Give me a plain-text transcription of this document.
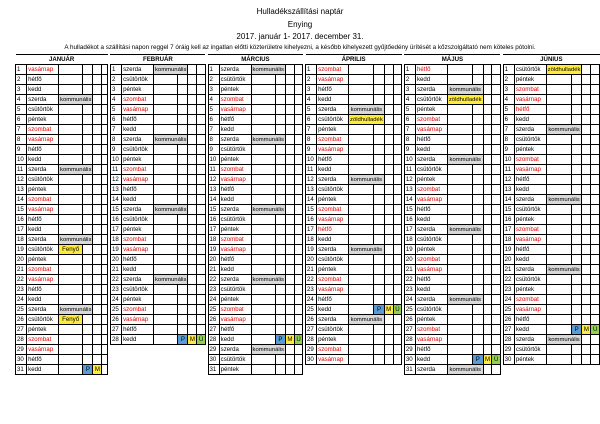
Hulladékszállítási naptár
Enying
2017. január 1- 2017. december 31.
A hulladékot a szállítási napon reggel 7 óráig kell az ingatlan előtti közterületre kihelyezni, a később kihelyezett gyűjtőedény ürítését a kőzszolgáltató nem köteles pótolni.
JANUÁR							FEBRUÁR							MÁRCIUS							ÁPRILIS							MÁJUS							JÚNIUS					
1	vasárnap						1	szerda	kommunális					1	szerda	kommunális					1	szombat						1	hétfő						1	csütörtök	zöldhulladék			
2	hétfő						2	csütörtök						2	csütörtök						2	vasárnap						2	kedd						2	péntek				
3	kedd						3	péntek						3	péntek						3	hétfő						3	szerda	kommunális					3	szombat				
4	szerda	kommunális					4	szombat						4	szombat						4	kedd						4	csütörtök	zöldhulladék					4	vasárnap				
5	csütörtök						5	vasárnap						5	vasárnap						5	szerda	kommunális					5	péntek						5	hétfő				
6	péntek						6	hétfő						6	hétfő						6	csütörtök	zöldhulladék					6	szombat						6	kedd				
7	szombat						7	kedd						7	kedd						7	péntek						7	vasárnap						7	szerda	kommunális			
8	vasárnap						8	szerda	kommunális					8	szerda	kommunális					8	szombat						8	hétfő						8	csütörtök				
9	hétfő						9	csütörtök						9	csütörtök						9	vasárnap						9	kedd						9	péntek				
10	kedd						10	péntek						10	péntek						10	hétfő						10	szerda	kommunális					10	szombat				
11	szerda	kommunális					11	szombat						11	szombat						11	kedd						11	csütörtök						11	vasárnap				
12	csütörtök						12	vasárnap						12	vasárnap						12	szerda	kommunális					12	péntek						12	hétfő				
13	péntek						13	hétfő						13	hétfő						13	csütörtök						13	szombat						13	kedd				
14	szombat						14	kedd						14	kedd						14	péntek						14	vasárnap						14	szerda	kommunális			
15	vasárnap						15	szerda	kommunális					15	szerda	kommunális					15	szombat						15	hétfő						15	csütörtök				
16	hétfő						16	csütörtök						16	csütörtök						16	vasárnap						16	kedd						16	péntek				
17	kedd						17	péntek						17	péntek						17	hétfő						17	szerda	kommunális					17	szombat				
18	szerda	kommunális					18	szombat						18	szombat						18	kedd						18	csütörtök						18	vasárnap				
19	csütörtök	Fenyő					19	vasárnap						19	vasárnap						19	szerda	kommunális					19	péntek						19	hétfő				
20	péntek						20	hétfő						20	hétfő						20	csütörtök						20	szombat						20	kedd				
21	szombat						21	kedd						21	kedd						21	péntek						21	vasárnap						21	szerda	kommunális			
22	vasárnap						22	szerda	kommunális					22	szerda	kommunális					22	szombat						22	hétfő						22	csütörtök				
23	hétfő						23	csütörtök						23	csütörtök						23	vasárnap						23	kedd						23	péntek				
24	kedd						24	péntek						24	péntek						24	hétfő						24	szerda	kommunális					24	szombat				
25	szerda	kommunális					25	szombat						25	szombat						25	kedd		P	M	Ü		25	csütörtök						25	vasárnap				
26	csütörtök	Fenyő					26	vasárnap						26	vasárnap						26	szerda	kommunális					26	péntek						26	hétfő				
27	péntek						27	hétfő						27	hétfő						27	csütörtök						27	szombat						27	kedd		P	M	Ü
28	szombat						28	kedd		P	M	Ü		28	kedd		P	M	Ü		28	péntek						28	vasárnap						28	szerda	kommunális			
29	vasárnap													29	szerda	kommunális					29	szombat						29	hétfő						29	csütörtök				
30	hétfő													30	csütörtök						30	vasárnap						30	kedd		P	M	Ü		30	péntek				
31	kedd		P	M										31	péntek													31	szerda	kommunális										
